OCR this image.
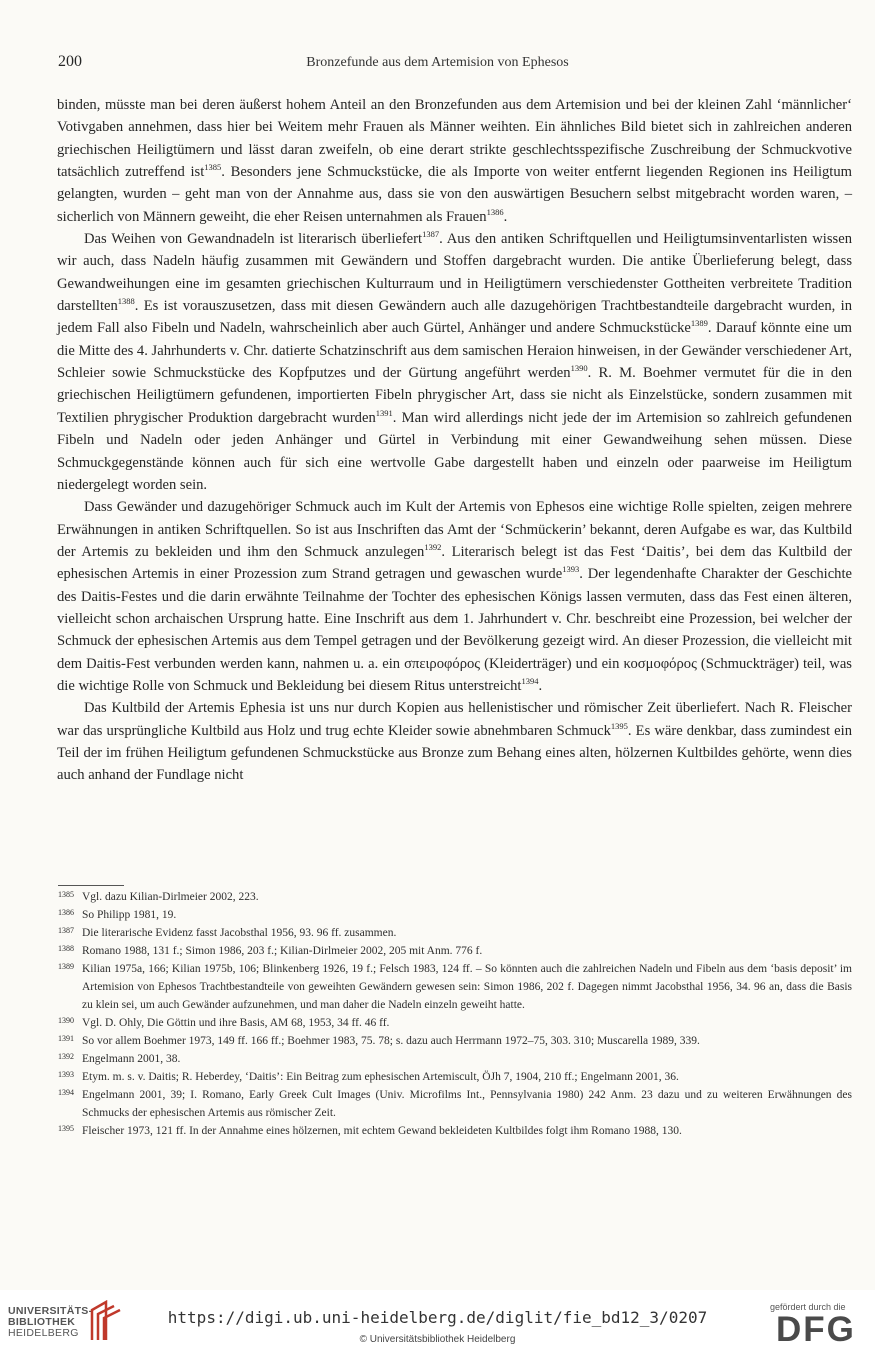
200	Bronzefunde aus dem Artemision von Ephesos

binden, müsste man bei deren äußerst hohem Anteil an den Bronzefunden aus dem Artemision und bei der kleinen Zahl ‘männlicher‘ Votivgaben annehmen, dass hier bei Weitem mehr Frauen als Männer weihten. Ein ähnliches Bild bietet sich in zahlreichen anderen griechischen Heiligtümern und lässt daran zweifeln, ob eine derart strikte geschlechtsspezifische Zuschreibung der Schmuckvotive tatsächlich zutreffend ist$^{1385}$. Besonders jene Schmuckstücke, die als Importe von weiter entfernt liegenden Regionen ins Heiligtum gelangten, wurden – geht man von der Annahme aus, dass sie von den auswärtigen Besuchern selbst mitgebracht worden waren, – sicherlich von Männern geweiht, die eher Reisen unternahmen als Frauen$^{1386}$.

Das Weihen von Gewandnadeln ist literarisch überliefert$^{1387}$. Aus den antiken Schriftquellen und Heiligtumsinventarlisten wissen wir auch, dass Nadeln häufig zusammen mit Gewändern und Stoffen dargebracht wurden. Die antike Überlieferung belegt, dass Gewandweihungen eine im gesamten griechischen Kulturraum und in Heiligtümern verschiedenster Gottheiten verbreitete Tradition darstellten$^{1388}$. Es ist vorauszusetzen, dass mit diesen Gewändern auch alle dazugehörigen Trachtbestandteile dargebracht wurden, in jedem Fall also Fibeln und Nadeln, wahrscheinlich aber auch Gürtel, Anhänger und andere Schmuckstücke$^{1389}$. Darauf könnte eine um die Mitte des 4. Jahrhunderts v. Chr. datierte Schatzinschrift aus dem samischen Heraion hinweisen, in der Gewänder verschiedener Art, Schleier sowie Schmuckstücke des Kopfputzes und der Gürtung angeführt werden$^{1390}$. R. M. Boehmer vermutet für die in den griechischen Heiligtümern gefundenen, importierten Fibeln phrygischer Art, dass sie nicht als Einzelstücke, sondern zusammen mit Textilien phrygischer Produktion dargebracht wurden$^{1391}$. Man wird allerdings nicht jede der im Artemision so zahlreich gefundenen Fibeln und Nadeln oder jeden Anhänger und Gürtel in Verbindung mit einer Gewandweihung sehen müssen. Diese Schmuckgegenstände können auch für sich eine wertvolle Gabe dargestellt haben und einzeln oder paarweise im Heiligtum niedergelegt worden sein.

Dass Gewänder und dazugehöriger Schmuck auch im Kult der Artemis von Ephesos eine wichtige Rolle spielten, zeigen mehrere Erwähnungen in antiken Schriftquellen. So ist aus Inschriften das Amt der ‘Schmückerin’ bekannt, deren Aufgabe es war, das Kultbild der Artemis zu bekleiden und ihm den Schmuck anzulegen$^{1392}$. Literarisch belegt ist das Fest ‘Daitis’, bei dem das Kultbild der ephesischen Artemis in einer Prozession zum Strand getragen und gewaschen wurde$^{1393}$. Der legendenhafte Charakter der Geschichte des Daitis-Festes und die darin erwähnte Teilnahme der Tochter des ephesischen Königs lassen vermuten, dass das Fest einen älteren, vielleicht schon archaischen Ursprung hatte. Eine Inschrift aus dem 1. Jahrhundert v. Chr. beschreibt eine Prozession, bei welcher der Schmuck der ephesischen Artemis aus dem Tempel getragen und der Bevölkerung gezeigt wird. An dieser Prozession, die vielleicht mit dem Daitis-Fest verbunden werden kann, nahmen u. a. ein σπειροφόρος (Kleiderträger) und ein κοσμοφόρος (Schmuckträger) teil, was die wichtige Rolle von Schmuck und Bekleidung bei diesem Ritus unterstreicht$^{1394}$.

Das Kultbild der Artemis Ephesia ist uns nur durch Kopien aus hellenistischer und römischer Zeit überliefert. Nach R. Fleischer war das ursprüngliche Kultbild aus Holz und trug echte Kleider sowie abnehmbaren Schmuck$^{1395}$. Es wäre denkbar, dass zumindest ein Teil der im frühen Heiligtum gefundenen Schmuckstücke aus Bronze zum Behang eines alten, hölzernen Kultbildes gehörte, wenn dies auch anhand der Fundlage nicht

1385 Vgl. dazu Kilian-Dirlmeier 2002, 223.
1386 So Philipp 1981, 19.
1387 Die literarische Evidenz fasst Jacobsthal 1956, 93. 96 ff. zusammen.
1388 Romano 1988, 131 f.; Simon 1986, 203 f.; Kilian-Dirlmeier 2002, 205 mit Anm. 776 f.
1389 Kilian 1975a, 166; Kilian 1975b, 106; Blinkenberg 1926, 19 f.; Felsch 1983, 124 ff. – So könnten auch die zahlreichen Nadeln und Fibeln aus dem ‘basis deposit’ im Artemision von Ephesos Trachtbestandteile von geweihten Gewändern gewesen sein: Simon 1986, 202 f. Dagegen nimmt Jacobsthal 1956, 34. 96 an, dass die Basis zu klein sei, um auch Gewänder aufzunehmen, und man daher die Nadeln einzeln geweiht hatte.
1390 Vgl. D. Ohly, Die Göttin und ihre Basis, AM 68, 1953, 34 ff. 46 ff.
1391 So vor allem Boehmer 1973, 149 ff. 166 ff.; Boehmer 1983, 75. 78; s. dazu auch Herrmann 1972–75, 303. 310; Muscarella 1989, 339.
1392 Engelmann 2001, 38.
1393 Etym. m. s. v. Daitis; R. Heberdey, ‘Daitis’: Ein Beitrag zum ephesischen Artemiscult, ÖJh 7, 1904, 210 ff.; Engelmann 2001, 36.
1394 Engelmann 2001, 39; I. Romano, Early Greek Cult Images (Univ. Microfilms Int., Pennsylvania 1980) 242 Anm. 23 dazu und zu weiteren Erwähnungen des Schmucks der ephesischen Artemis aus römischer Zeit.
1395 Fleischer 1973, 121 ff. In der Annahme eines hölzernen, mit echtem Gewand bekleideten Kultbildes folgt ihm Romano 1988, 130.
UNIVERSITÄTS-
BIBLIOTHEK
HEIDELBERG
https://digi.ub.uni-heidelberg.de/diglit/fie_bd12_3/0207
© Universitätsbibliothek Heidelberg
gefördert durch die
DFG
